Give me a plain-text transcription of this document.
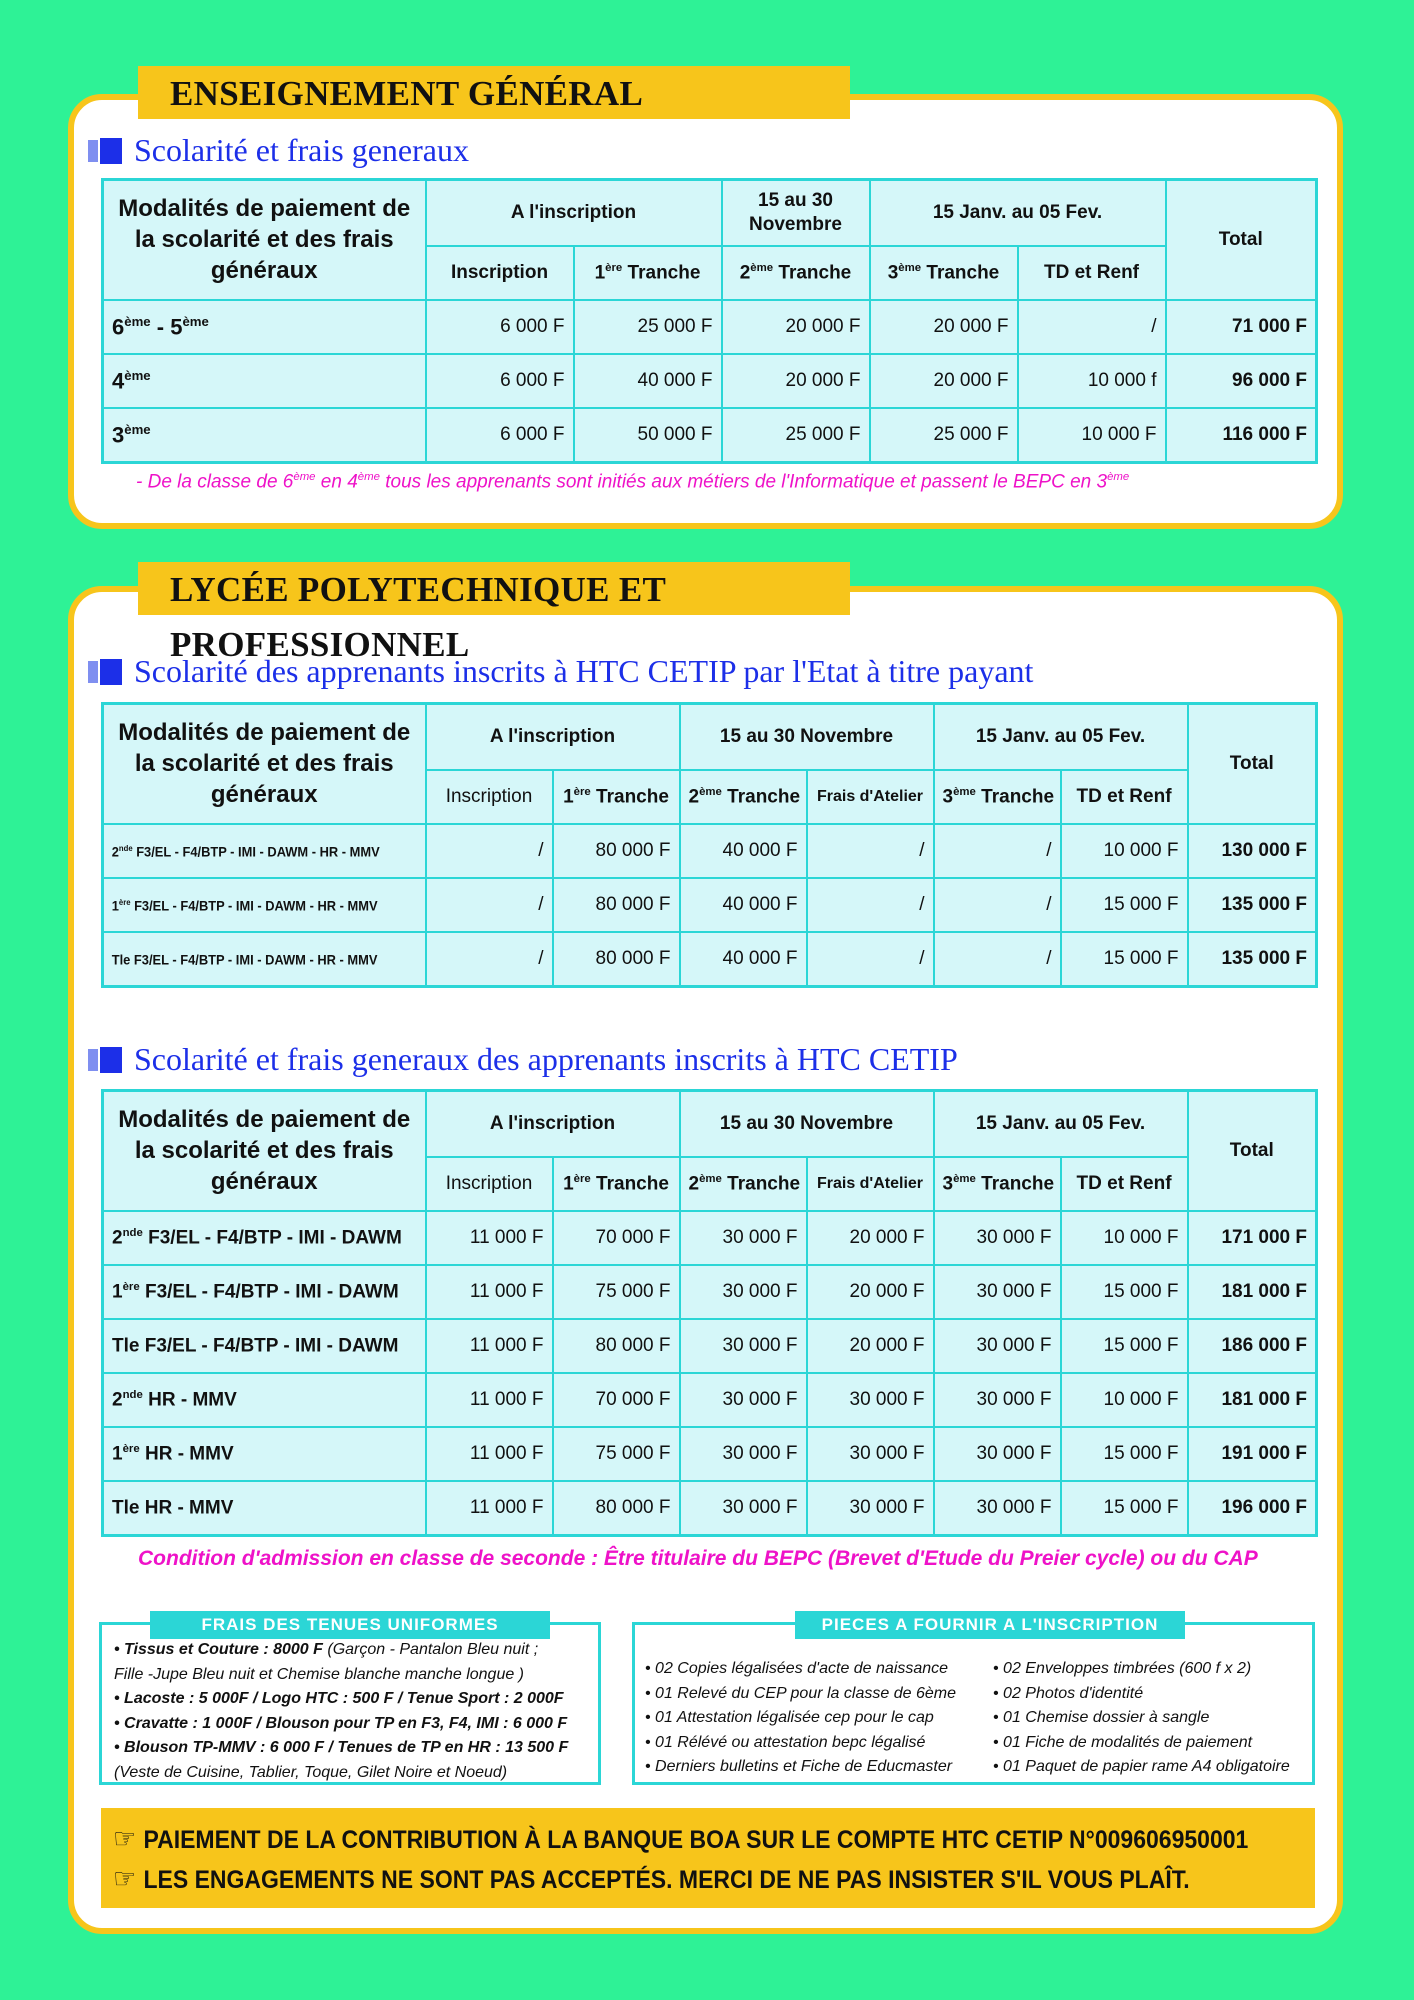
ENSEIGNEMENT GÉNÉRAL
Scolarité et frais generaux
Modalités de paiement de la scolarité et des frais généraux	A l'inscription		15 au 30 Novembre	15 Janv. au 05 Fev.		Total
	Inscription	1ère Tranche	2ème Tranche	3ème Tranche	TD et Renf	
6ème - 5ème	6 000 F	25 000 F	20 000 F	20 000 F	/	71 000 F
4ème	6 000 F	40 000 F	20 000 F	20 000 F	10 000 f	96 000 F
3ème	6 000 F	50 000 F	25 000 F	25 000 F	10 000 F	116 000 F
- De la classe de 6ème en 4ème tous les apprenants sont initiés aux métiers de l'Informatique et passent le BEPC en 3ème
LYCÉE POLYTECHNIQUE ET PROFESSIONNEL
Scolarité des apprenants inscrits à HTC CETIP par l'Etat à titre payant
Modalités de paiement de la scolarité et des frais généraux	A l'inscription		15 au 30 Novembre		15 Janv. au 05 Fev.		Total
	Inscription	1ère Tranche	2ème Tranche	Frais d'Atelier	3ème Tranche	TD et Renf	
2nde F3/EL - F4/BTP - IMI - DAWM - HR - MMV	/	80 000 F	40 000 F	/	/	10 000 F	130 000 F
1ère F3/EL - F4/BTP - IMI - DAWM - HR - MMV	/	80 000 F	40 000 F	/	/	15 000 F	135 000 F
Tle F3/EL - F4/BTP - IMI - DAWM - HR - MMV	/	80 000 F	40 000 F	/	/	15 000 F	135 000 F
Scolarité et frais generaux des apprenants inscrits à HTC CETIP
Modalités de paiement de la scolarité et des frais généraux	A l'inscription		15 au 30 Novembre		15 Janv. au 05 Fev.		Total
	Inscription	1ère Tranche	2ème Tranche	Frais d'Atelier	3ème Tranche	TD et Renf	
2nde F3/EL - F4/BTP - IMI - DAWM	11 000 F	70 000 F	30 000 F	20 000 F	30 000 F	10 000 F	171 000 F
1ère F3/EL - F4/BTP - IMI - DAWM	11 000 F	75 000 F	30 000 F	20 000 F	30 000 F	15 000 F	181 000 F
Tle F3/EL - F4/BTP - IMI - DAWM	11 000 F	80 000 F	30 000 F	20 000 F	30 000 F	15 000 F	186 000 F
2nde HR - MMV	11 000 F	70 000 F	30 000 F	30 000 F	30 000 F	10 000 F	181 000 F
1ère HR - MMV	11 000 F	75 000 F	30 000 F	30 000 F	30 000 F	15 000 F	191 000 F
Tle HR - MMV	11 000 F	80 000 F	30 000 F	30 000 F	30 000 F	15 000 F	196 000 F
Condition d'admission en classe de seconde : Être titulaire du BEPC (Brevet d'Etude du Preier cycle) ou du CAP
FRAIS DES TENUES UNIFORMES
• Tissus et Couture : 8000 F (Garçon - Pantalon Bleu nuit ;
Fille -Jupe Bleu nuit et Chemise blanche manche longue )
• Lacoste : 5 000F / Logo HTC : 500 F / Tenue Sport : 2 000F
• Cravatte : 1 000F / Blouson pour TP en F3, F4, IMI : 6 000 F
• Blouson TP-MMV : 6 000 F / Tenues de TP en HR : 13 500 F
(Veste de Cuisine, Tablier, Toque, Gilet Noire et Noeud)
PIECES A FOURNIR A L'INSCRIPTION
• 02 Copies légalisées d'acte de naissance
• 01 Relevé du CEP pour la classe de 6ème
• 01 Attestation légalisée cep pour le cap
• 01 Rélévé ou attestation bepc légalisé
• Derniers bulletins et Fiche de Educmaster
• 02 Enveloppes timbrées (600 f x 2)
• 02 Photos d'identité
• 01 Chemise dossier à sangle
• 01 Fiche de modalités de paiement
• 01 Paquet de papier rame A4 obligatoire
☞ PAIEMENT DE LA CONTRIBUTION À LA BANQUE BOA SUR LE COMPTE HTC CETIP N°00960695000​1
☞ LES ENGAGEMENTS NE SONT PAS ACCEPTÉS. MERCI DE NE PAS INSISTER S'IL VOUS PLAÎT.
